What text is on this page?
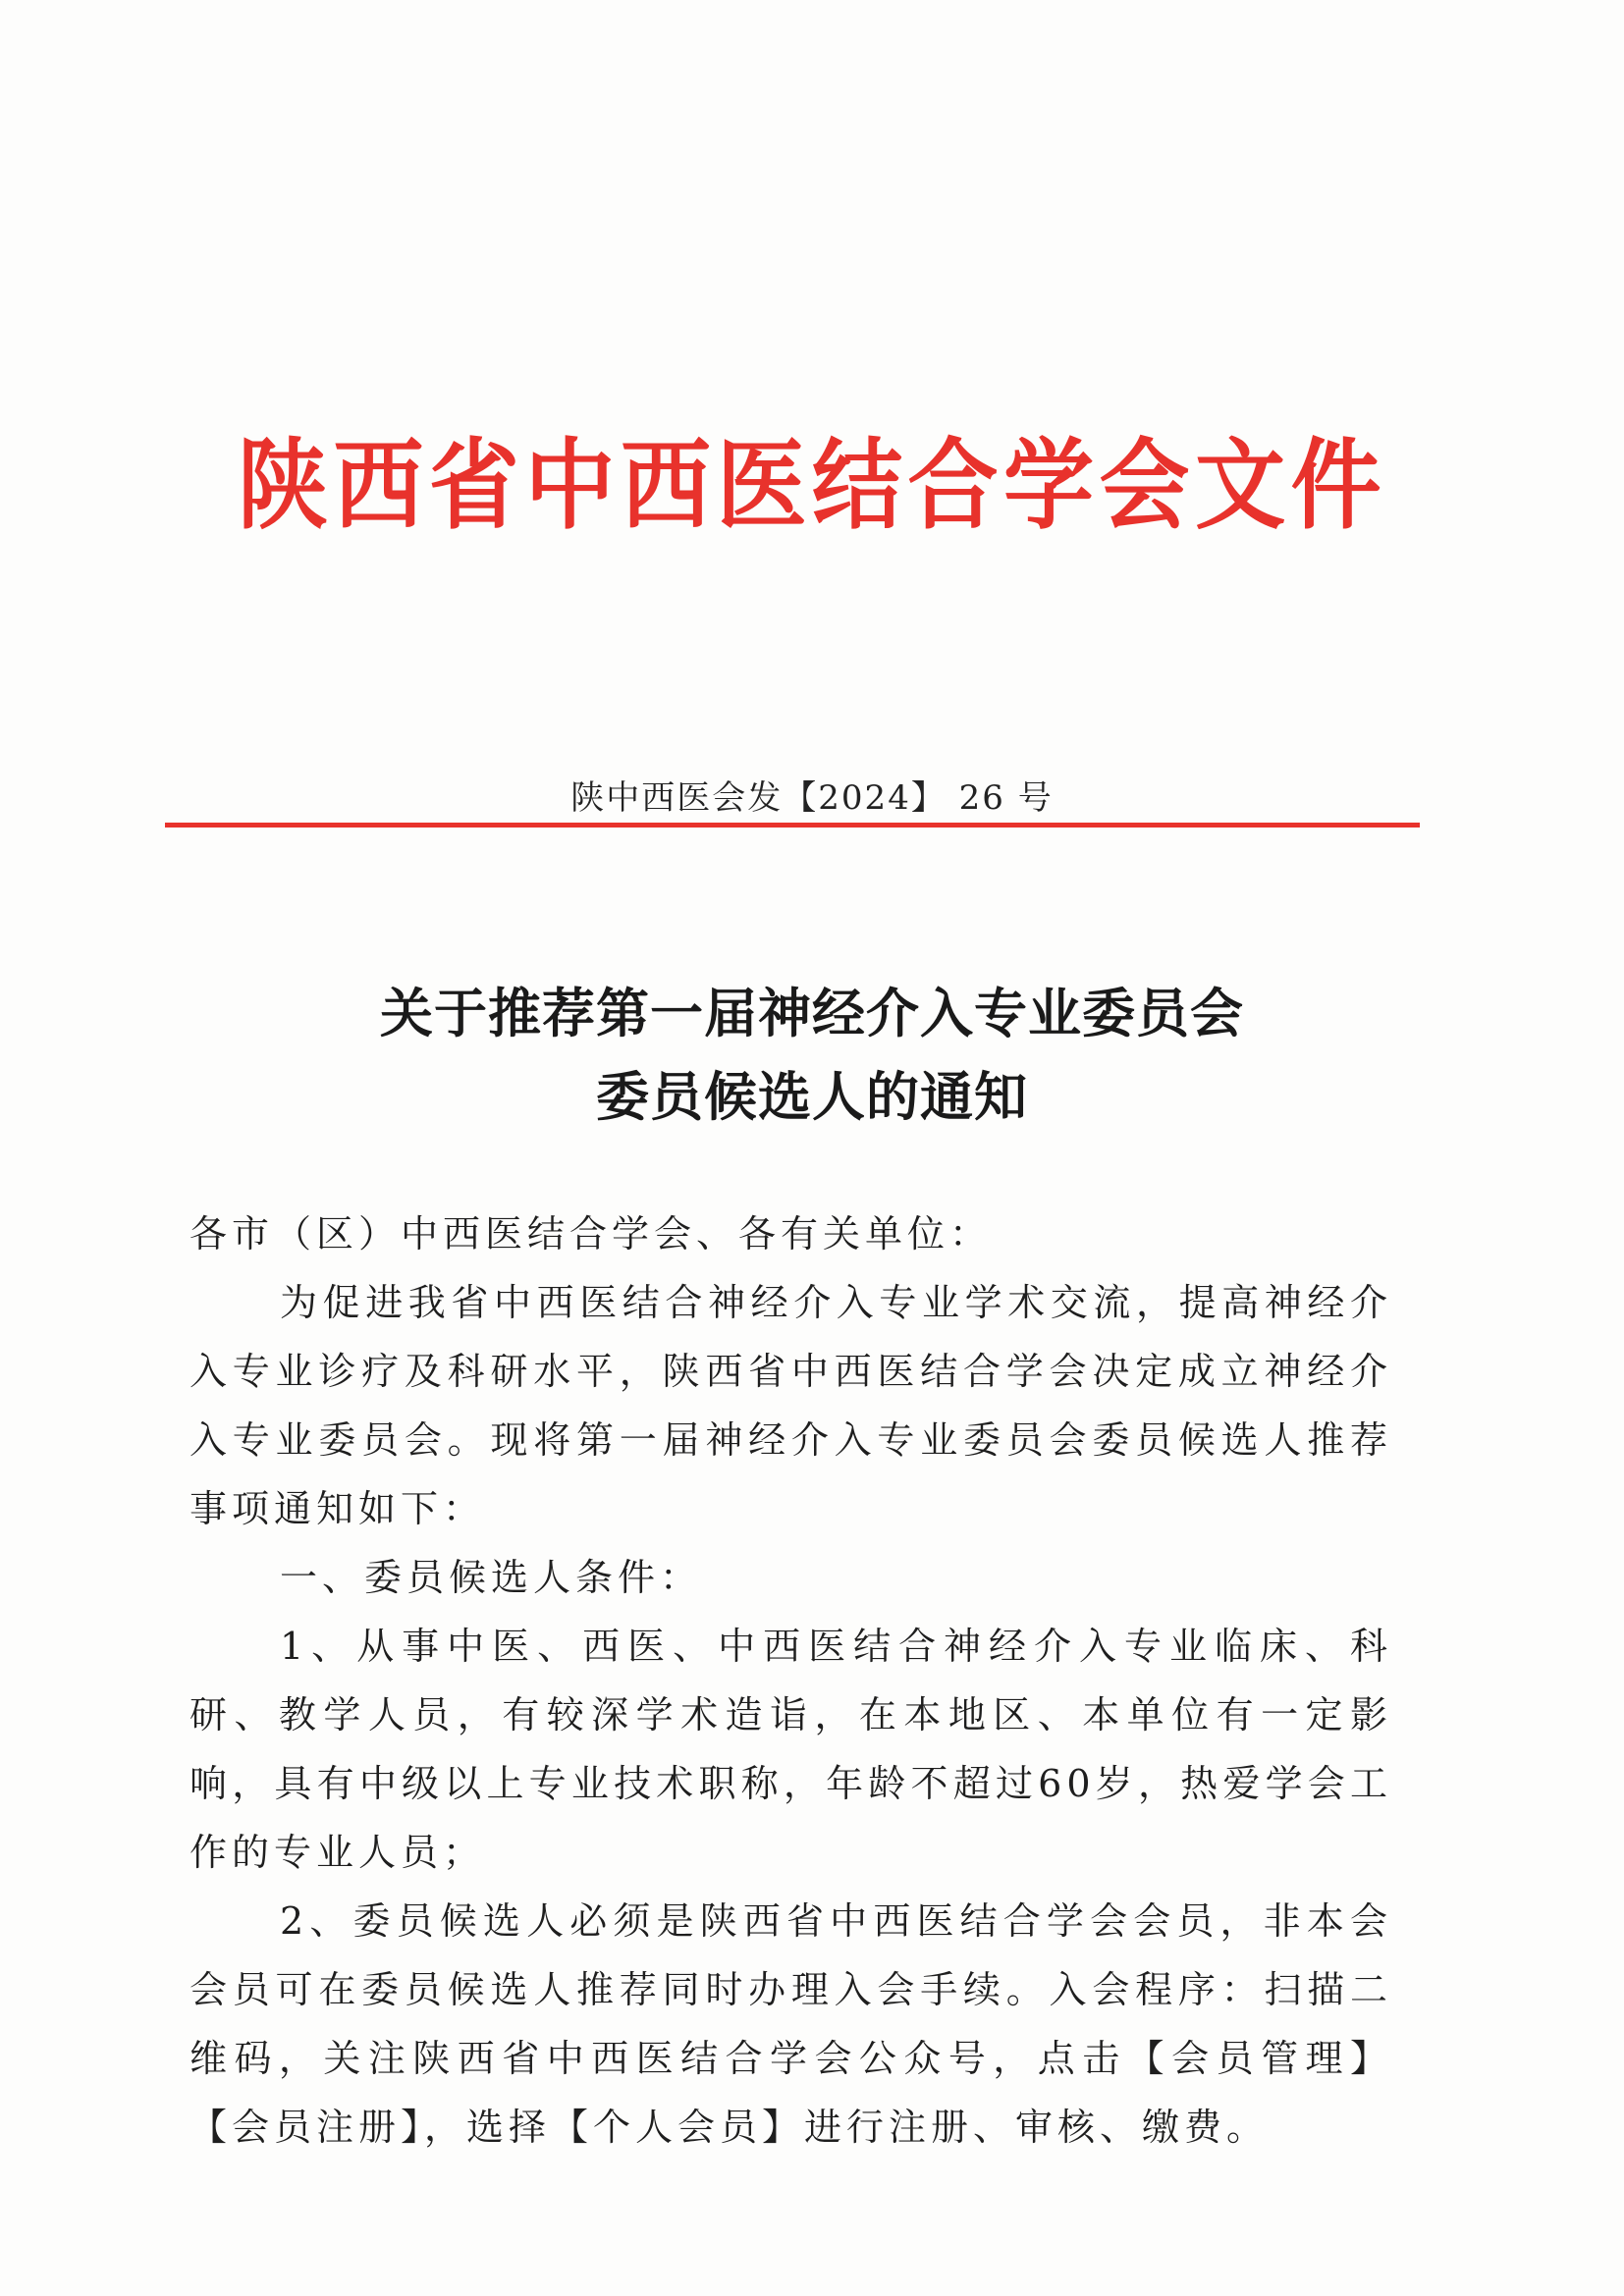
陕西省中西医结合学会文件
陕中西医会发【2024】 26 号
关于推荐第一届神经介入专业委员会
委员候选人的通知

各市（区）中西医结合学会、各有关单位：

为促进我省中西医结合神经介入专业学术交流，提高神经介入专业诊疗及科研水平，陕西省中西医结合学会决定成立神经介入专业委员会。现将第一届神经介入专业委员会委员候选人推荐事项通知如下：

一、委员候选人条件：

1、从事中医、西医、中西医结合神经介入专业临床、科研、教学人员，有较深学术造诣，在本地区、本单位有一定影响，具有中级以上专业技术职称，年龄不超过60岁，热爱学会工作的专业人员；

2、委员候选人必须是陕西省中西医结合学会会员，非本会会员可在委员候选人推荐同时办理入会手续。入会程序：扫描二维码，关注陕西省中西医结合学会公众号，点击【会员管理】【会员注册】，选择【个人会员】进行注册、审核、缴费。
